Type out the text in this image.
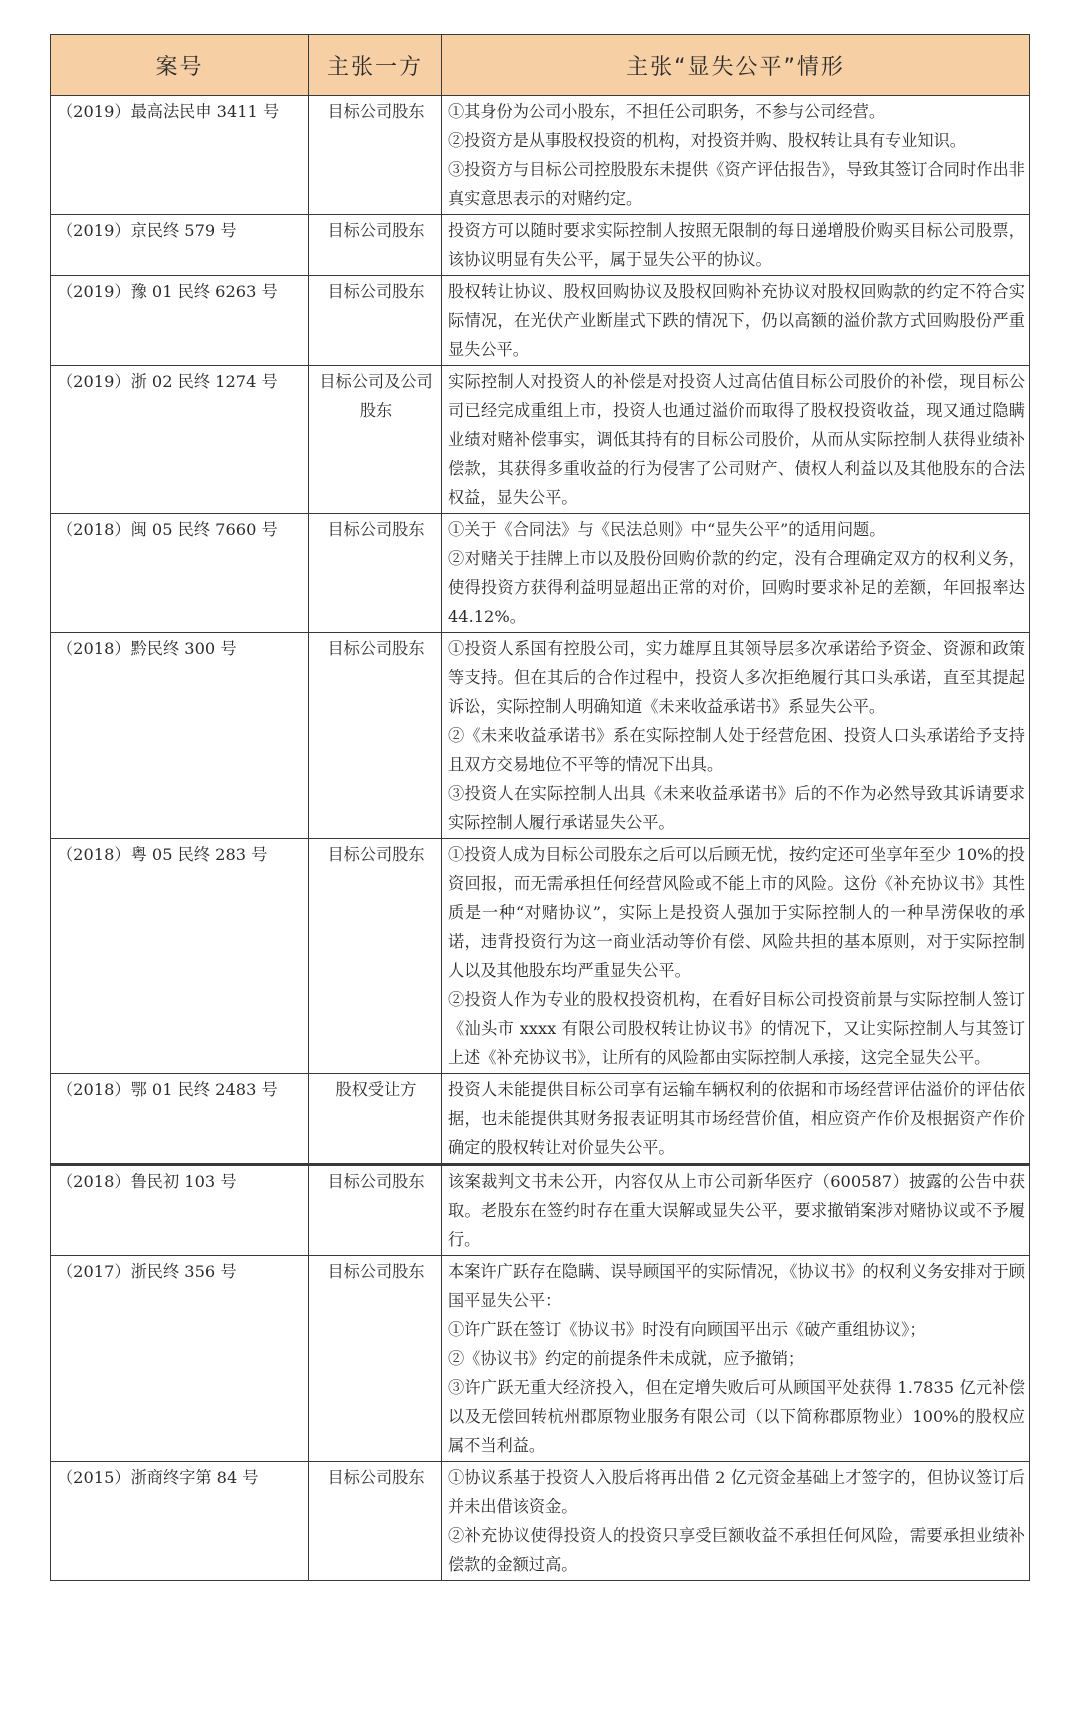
案号	主张一方	主张“显失公平”情形
（2019）最高法民申 3411 号	目标公司股东	①其身份为公司小股东，不担任公司职务，不参与公司经营。

②投资方是从事股权投资的机构，对投资并购、股权转让具有专业知识。

③投资方与目标公司控股股东未提供《资产评估报告》，导致其签订合同时作出非真实意思表示的对赌约定。

（2019）京民终 579 号	目标公司股东	投资方可以随时要求实际控制人按照无限制的每日递增股价购买目标公司股票，该协议明显有失公平，属于显失公平的协议。

（2019）豫 01 民终 6263 号	目标公司股东	股权转让协议、股权回购协议及股权回购补充协议对股权回购款的约定不符合实际情况，在光伏产业断崖式下跌的情况下，仍以高额的溢价款方式回购股份严重显失公平。

（2019）浙 02 民终 1274 号	目标公司及公司股东	实际控制人对投资人的补偿是对投资人过高估值目标公司股价的补偿，现目标公司已经完成重组上市，投资人也通过溢价而取得了股权投资收益，现又通过隐瞒业绩对赌补偿事实，调低其持有的目标公司股价，从而从实际控制人获得业绩补偿款，其获得多重收益的行为侵害了公司财产、债权人利益以及其他股东的合法权益，显失公平。

（2018）闽 05 民终 7660 号	目标公司股东	①关于《合同法》与《民法总则》中“显失公平”的适用问题。

②对赌关于挂牌上市以及股份回购价款的约定，没有合理确定双方的权利义务，使得投资方获得利益明显超出正常的对价，回购时要求补足的差额，年回报率达 44.12%。

（2018）黔民终 300 号	目标公司股东	①投资人系国有控股公司，实力雄厚且其领导层多次承诺给予资金、资源和政策等支持。但在其后的合作过程中，投资人多次拒绝履行其口头承诺，直至其提起诉讼，实际控制人明确知道《未来收益承诺书》系显失公平。

②《未来收益承诺书》系在实际控制人处于经营危困、投资人口头承诺给予支持且双方交易地位不平等的情况下出具。

③投资人在实际控制人出具《未来收益承诺书》后的不作为必然导致其诉请要求实际控制人履行承诺显失公平。

（2018）粤 05 民终 283 号	目标公司股东	①投资人成为目标公司股东之后可以后顾无忧，按约定还可坐享年至少 10%的投资回报，而无需承担任何经营风险或不能上市的风险。这份《补充协议书》其性质是一种“对赌协议”，实际上是投资人强加于实际控制人的一种旱涝保收的承诺，违背投资行为这一商业活动等价有偿、风险共担的基本原则，对于实际控制人以及其他股东均严重显失公平。

②投资人作为专业的股权投资机构，在看好目标公司投资前景与实际控制人签订《汕头市 xxxx 有限公司股权转让协议书》的情况下，又让实际控制人与其签订上述《补充协议书》，让所有的风险都由实际控制人承接，这完全显失公平。

（2018）鄂 01 民终 2483 号	股权受让方	投资人未能提供目标公司享有运输车辆权利的依据和市场经营评估溢价的评估依据，也未能提供其财务报表证明其市场经营价值，相应资产作价及根据资产作价确定的股权转让对价显失公平。

（2018）鲁民初 103 号	目标公司股东	该案裁判文书未公开，内容仅从上市公司新华医疗（600587）披露的公告中获取。老股东在签约时存在重大误解或显失公平，要求撤销案涉对赌协议或不予履行。

（2017）浙民终 356 号	目标公司股东	本案许广跃存在隐瞒、误导顾国平的实际情况，《协议书》的权利义务安排对于顾国平显失公平：

①许广跃在签订《协议书》时没有向顾国平出示《破产重组协议》；

②《协议书》约定的前提条件未成就，应予撤销；

③许广跃无重大经济投入，但在定增失败后可从顾国平处获得 1.7835 亿元补偿以及无偿回转杭州郡原物业服务有限公司（以下简称郡原物业）100%的股权应属不当利益。

（2015）浙商终字第 84 号	目标公司股东	①协议系基于投资人入股后将再出借 2 亿元资金基础上才签字的，但协议签订后并未出借该资金。

②补充协议使得投资人的投资只享受巨额收益不承担任何风险，需要承担业绩补偿款的金额过高。
